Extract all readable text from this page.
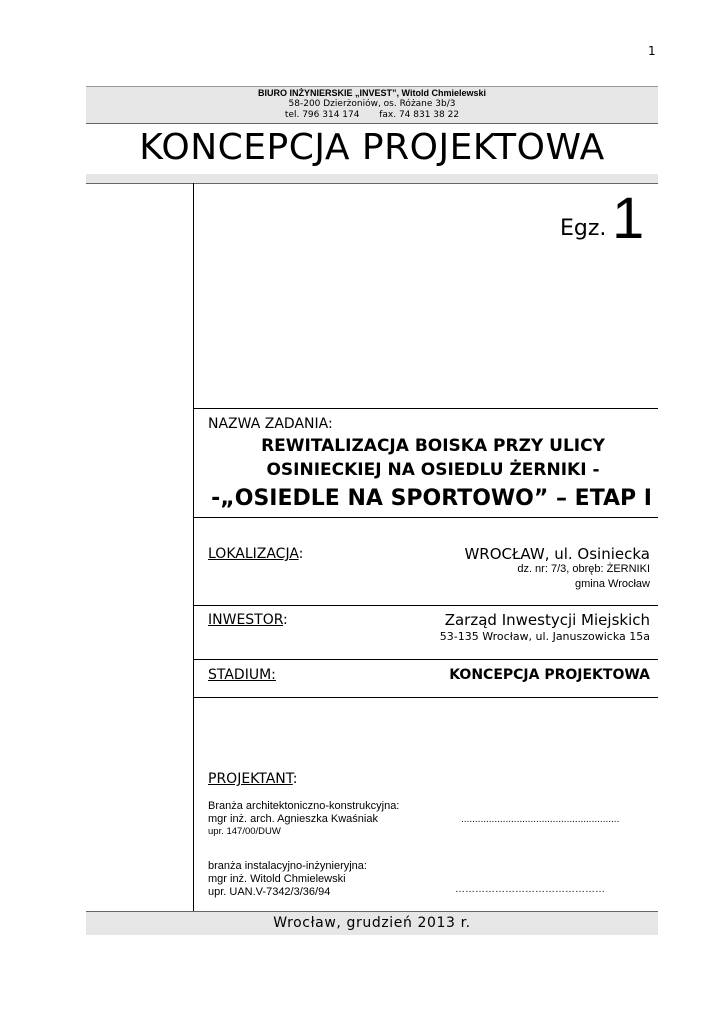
1
BIURO INŻYNIERSKIE „INVEST”, Witold Chmielewski
58-200 Dzierżoniów, os. Różane 3b/3
tel. 796 314 174 fax. 74 831 38 22
KONCEPCJA PROJEKTOWA
Egz. 1
NAZWA ZADANIA:
REWITALIZACJA BOISKA PRZY ULICY
OSINIECKIEJ NA OSIEDLU ŻERNIKI -
-„OSIEDLE NA SPORTOWO” – ETAP I
LOKALIZACJA:	WROCŁAW, ul. Osiniecka
dz. nr: 7/3, obręb: ŻERNIKI
gmina Wrocław
INWESTOR:	Zarząd Inwestycji Miejskich
53-135 Wrocław, ul. Januszowicka 15a
STADIUM:	KONCEPCJA PROJEKTOWA
PROJEKTANT:
Branża architektoniczno-konstrukcyjna:
mgr inż. arch. Agnieszka Kwaśniak
upr. 147/00/DUW
.........................................................
branża instalacyjno-inżynieryjna:
mgr inż. Witold Chmielewski
upr. UAN.V-7342/3/36/94	………………………………………
Wrocław, grudzień 2013 r.
